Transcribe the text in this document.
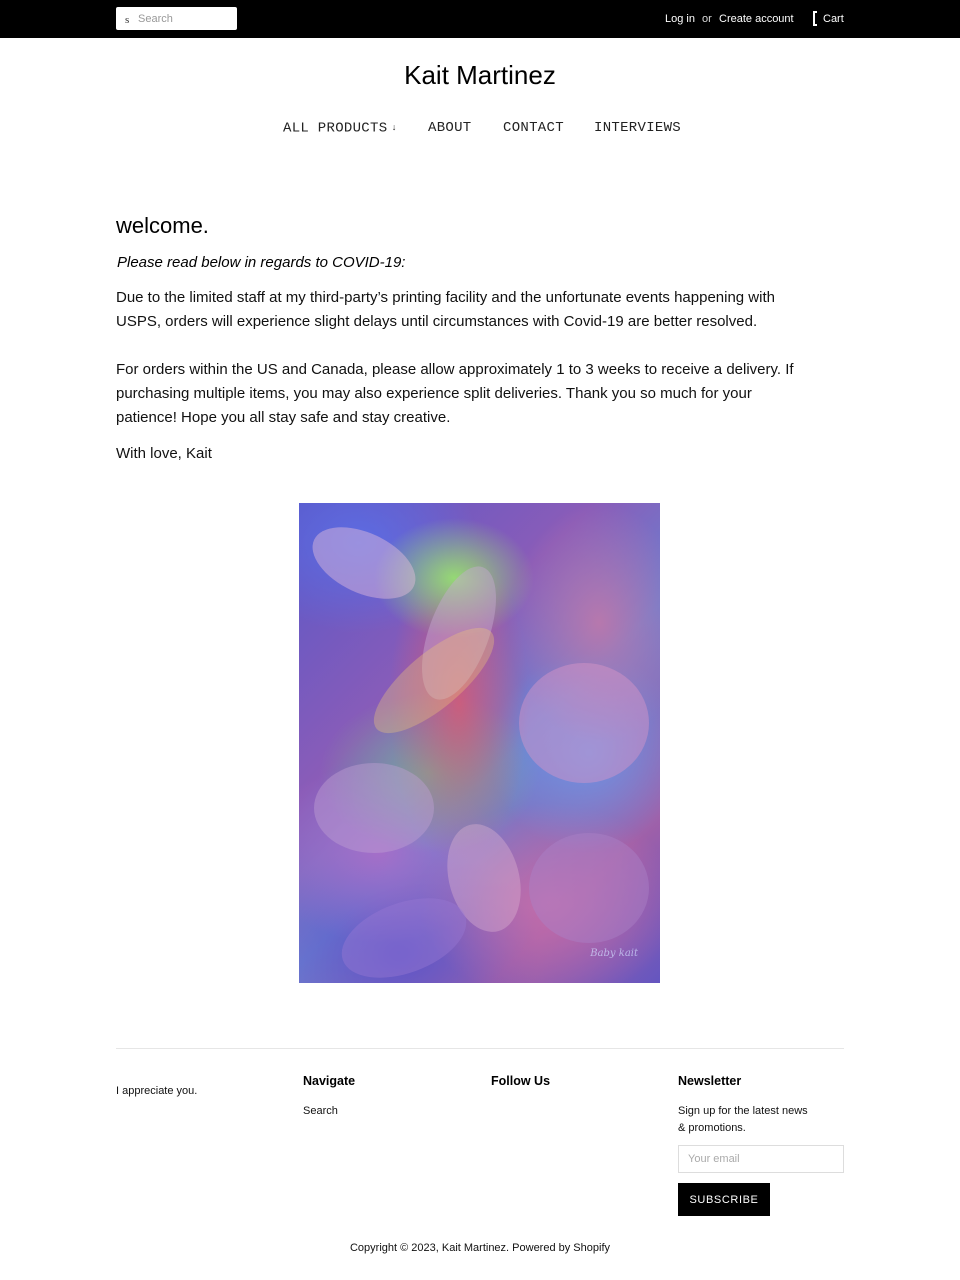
s
Search	Log in or Create account	Cart
Kait Martinez
ALL PRODUCTS ↓ ABOUT CONTACT INTERVIEWS
welcome.

Please read below in regards to COVID-19:

Due to the limited staff at my third-party’s printing facility and the unfortunate events happening with USPS, orders will experience slight delays until circumstances with Covid-19 are better resolved.

For orders within the US and Canada, please allow approximately 1 to 3 weeks to receive a delivery. If purchasing multiple items, you may also experience split deliveries. Thank you so much for your patience! Hope you all stay safe and stay creative.

With love, Kait

Baby kait

I appreciate you.

Navigate
Search
Follow Us	Newsletter

Sign up for the latest news & promotions.

Your email
SUBSCRIBE

Copyright © 2023, Kait Martinez. Powered by Shopify
